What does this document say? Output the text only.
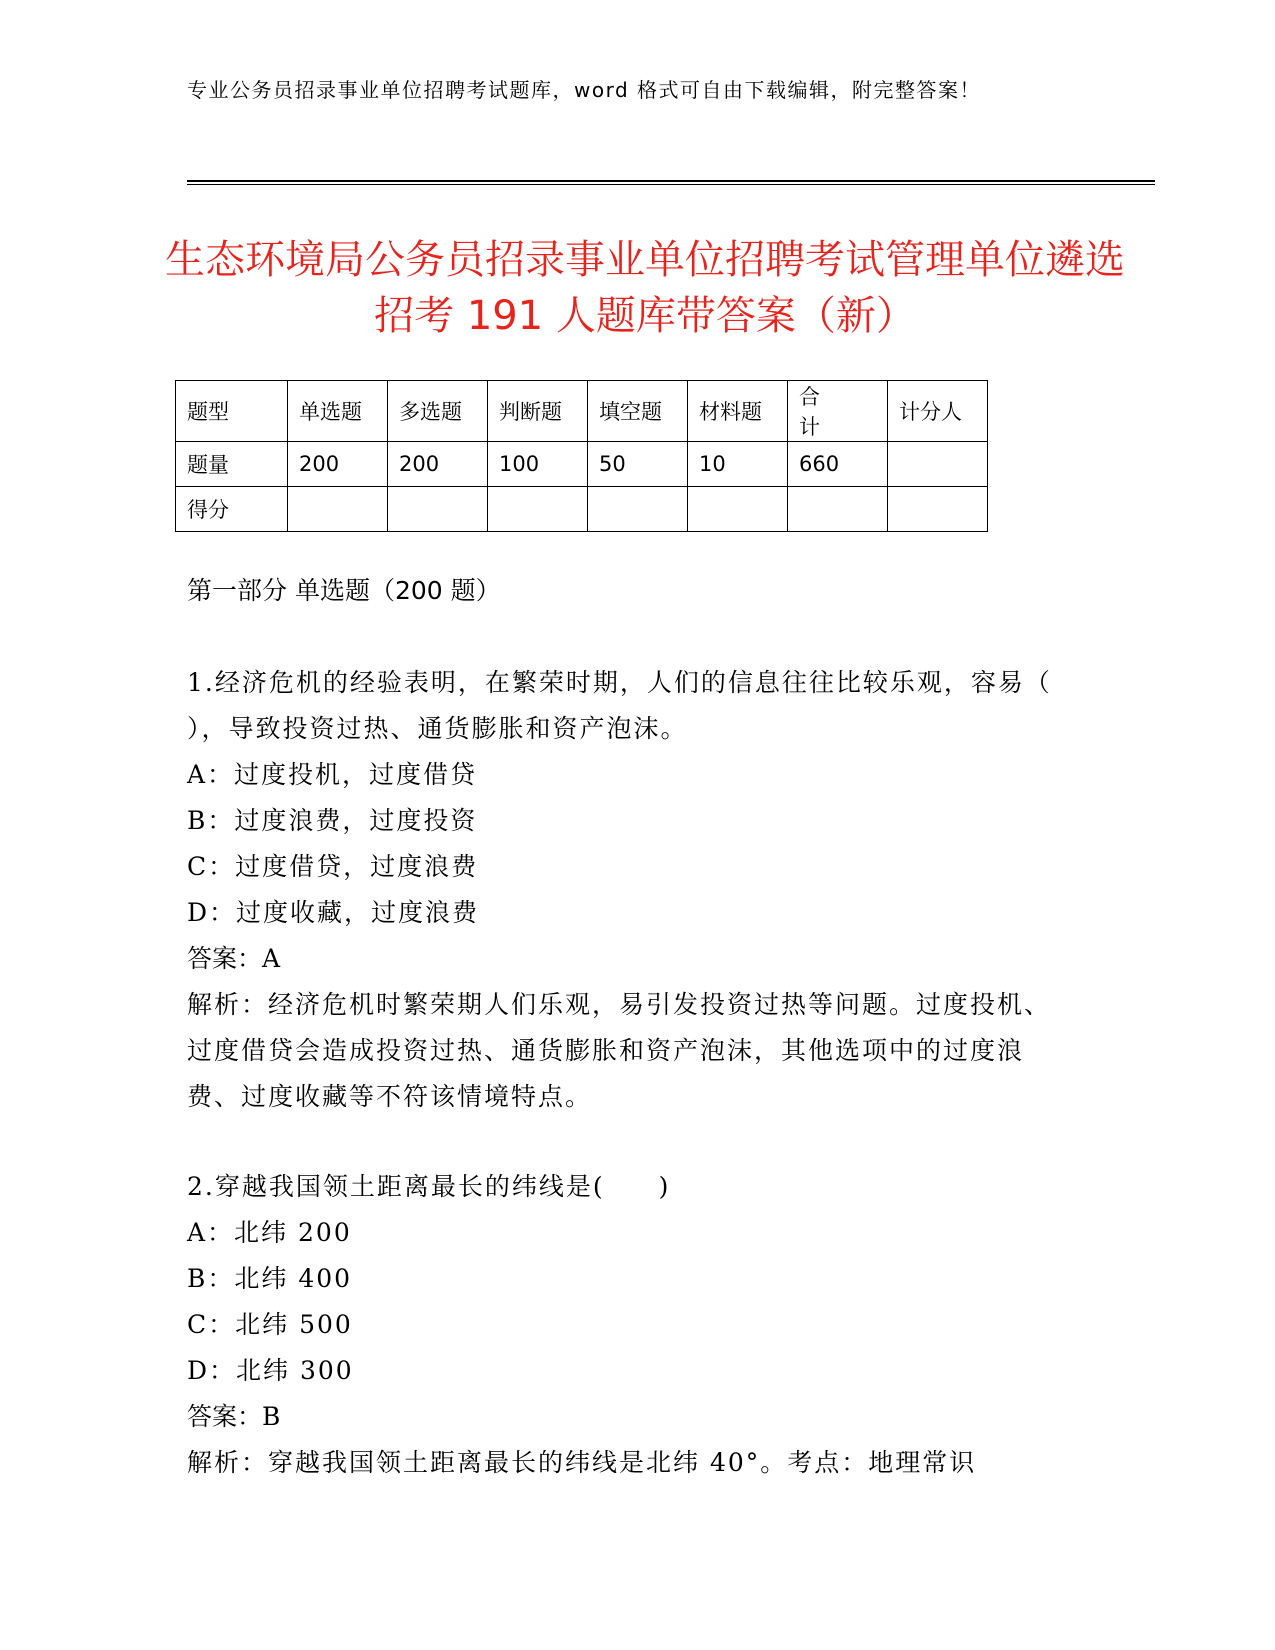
专业公务员招录事业单位招聘考试题库，word 格式可自由下载编辑，附完整答案！
生态环境局公务员招录事业单位招聘考试管理单位遴选招考 191 人题库带答案（新）
题型	单选题	多选题	判断题	填空题	材料题	合 计	计分人
题量	200	200	100	50	10	660	
得分							
第一部分 单选题（200 题）
1.经济危机的经验表明，在繁荣时期，人们的信息往往比较乐观，容易（ ），导致投资过热、通货膨胀和资产泡沫。
A：过度投机，过度借贷
B：过度浪费，过度投资
C：过度借贷，过度浪费
D：过度收藏，过度浪费
答案：A
解析：经济危机时繁荣期人们乐观，易引发投资过热等问题。过度投机、过度借贷会造成投资过热、通货膨胀和资产泡沫，其他选项中的过度浪费、过度收藏等不符该情境特点。
2.穿越我国领土距离最长的纬线是(　　)
A：北纬 200
B：北纬 400
C：北纬 500
D：北纬 300
答案：B
解析：穿越我国领土距离最长的纬线是北纬 40°。考点：地理常识
